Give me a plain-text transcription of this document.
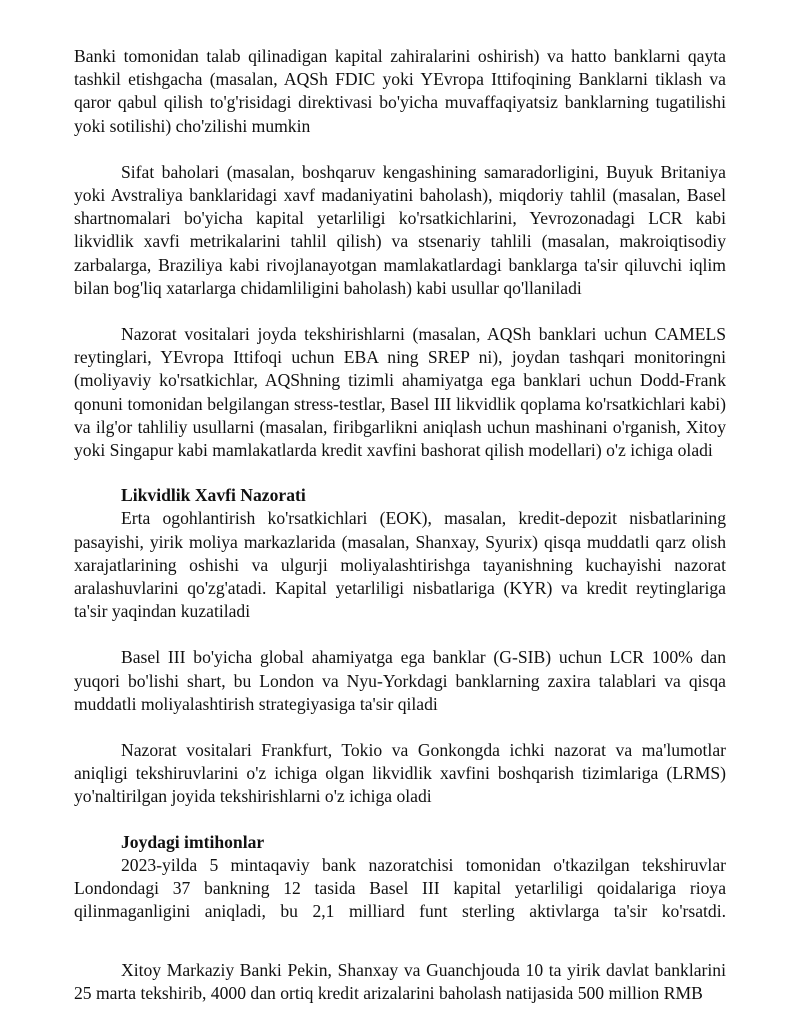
Banki tomonidan talab qilinadigan kapital zahiralarini oshirish) va hatto banklarni qayta tashkil etishgacha (masalan, AQSh FDIC yoki YEvropa Ittifoqining Banklarni tiklash va qaror qabul qilish to'g'risidagi direktivasi bo'yicha muvaffaqiyatsiz banklarning tugatilishi yoki sotilishi) cho'zilishi mumkin

Sifat baholari (masalan, boshqaruv kengashining samaradorligini, Buyuk Britaniya yoki Avstraliya banklaridagi xavf madaniyatini baholash), miqdoriy tahlil (masalan, Basel shartnomalari bo'yicha kapital yetarliligi ko'rsatkichlarini, Yevrozonadagi LCR kabi likvidlik xavfi metrikalarini tahlil qilish) va stsenariy tahlili (masalan, makroiqtisodiy zarbalarga, Braziliya kabi rivojlanayotgan mamlakatlardagi banklarga ta'sir qiluvchi iqlim bilan bog'liq xatarlarga chidamliligini baholash) kabi usullar qo'llaniladi

Nazorat vositalari joyda tekshirishlarni (masalan, AQSh banklari uchun CAMELS reytinglari, YEvropa Ittifoqi uchun EBA ning SREP ni), joydan tashqari monitoringni (moliyaviy ko'rsatkichlar, AQShning tizimli ahamiyatga ega banklari uchun Dodd-Frank qonuni tomonidan belgilangan stress-testlar, Basel III likvidlik qoplama ko'rsatkichlari kabi) va ilg'or tahliliy usullarni (masalan, firibgarlikni aniqlash uchun mashinani o'rganish, Xitoy yoki Singapur kabi mamlakatlarda kredit xavfini bashorat qilish modellari) o'z ichiga oladi

Likvidlik Xavfi Nazorati

Erta ogohlantirish ko'rsatkichlari (EOK), masalan, kredit-depozit nisbatlarining pasayishi, yirik moliya markazlarida (masalan, Shanxay, Syurix) qisqa muddatli qarz olish xarajatlarining oshishi va ulgurji moliyalashtirishga tayanishning kuchayishi nazorat aralashuvlarini qo'zg'atadi. Kapital yetarliligi nisbatlariga (KYR) va kredit reytinglariga ta'sir yaqindan kuzatiladi

Basel III bo'yicha global ahamiyatga ega banklar (G-SIB) uchun LCR 100% dan yuqori bo'lishi shart, bu London va Nyu-Yorkdagi banklarning zaxira talablari va qisqa muddatli moliyalashtirish strategiyasiga ta'sir qiladi

Nazorat vositalari Frankfurt, Tokio va Gonkongda ichki nazorat va ma'lumotlar aniqligi tekshiruvlarini o'z ichiga olgan likvidlik xavfini boshqarish tizimlariga (LRMS) yo'naltirilgan joyida tekshirishlarni o'z ichiga oladi

Joydagi imtihonlar

2023-yilda 5 mintaqaviy bank nazoratchisi tomonidan o'tkazilgan tekshiruvlar Londondagi 37 bankning 12 tasida Basel III kapital yetarliligi qoidalariga rioya qilinmaganligini aniqladi, bu 2,1 milliard funt sterling aktivlarga ta'sir ko'rsatdi.

Xitoy Markaziy Banki Pekin, Shanxay va Guanchjouda 10 ta yirik davlat banklarini 25 marta tekshirib, 4000 dan ortiq kredit arizalarini baholash natijasida 500 million RMB
